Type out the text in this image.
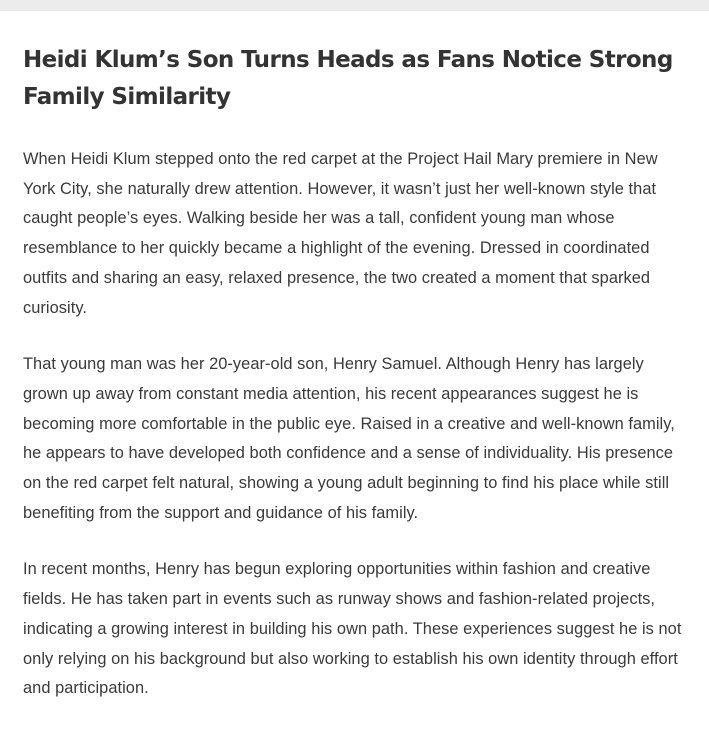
Heidi Klum’s Son Turns Heads as Fans Notice Strong Family Similarity

When Heidi Klum stepped onto the red carpet at the Project Hail Mary premiere in New York City, she naturally drew attention. However, it wasn’t just her well-known style that caught people’s eyes. Walking beside her was a tall, confident young man whose resemblance to her quickly became a highlight of the evening. Dressed in coordinated outfits and sharing an easy, relaxed presence, the two created a moment that sparked curiosity.

That young man was her 20-year-old son, Henry Samuel. Although Henry has largely grown up away from constant media attention, his recent appearances suggest he is becoming more comfortable in the public eye. Raised in a creative and well-known family, he appears to have developed both confidence and a sense of individuality. His presence on the red carpet felt natural, showing a young adult beginning to find his place while still benefiting from the support and guidance of his family.

In recent months, Henry has begun exploring opportunities within fashion and creative fields. He has taken part in events such as runway shows and fashion-related projects, indicating a growing interest in building his own path. These experiences suggest he is not only relying on his background but also working to establish his own identity through effort and participation.
